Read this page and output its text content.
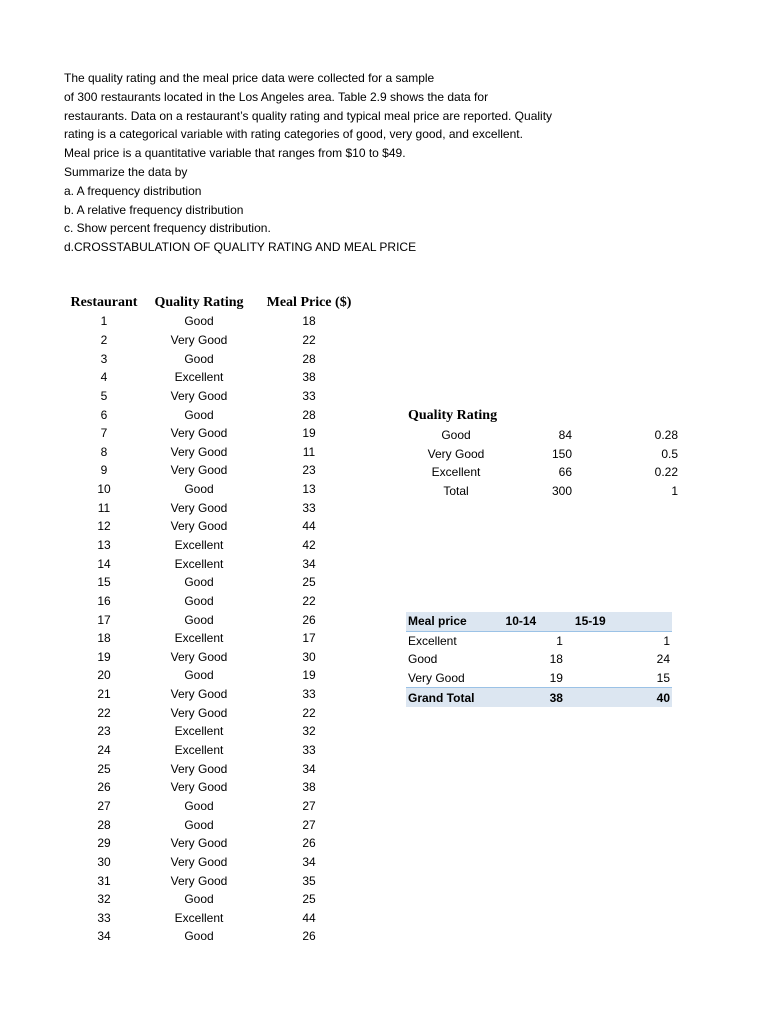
The quality rating and the meal price data were collected for a sample

of 300 restaurants located in the Los Angeles area. Table 2.9 shows the data for

restaurants. Data on a restaurant’s quality rating and typical meal price are reported. Quality

rating is a categorical variable with rating categories of good, very good, and excellent.

Meal price is a quantitative variable that ranges from $10 to $49.

Summarize the data by

a. A frequency distribution

b. A relative frequency distribution

c. Show percent frequency distribution.

d.CROSSTABULATION OF QUALITY RATING AND MEAL PRICE

Restaurant	Quality Rating	Meal Price ($)
1	Good	18
2	Very Good	22
3	Good	28
4	Excellent	38
5	Very Good	33
6	Good	28
7	Very Good	19
8	Very Good	11
9	Very Good	23
10	Good	13
11	Very Good	33
12	Very Good	44
13	Excellent	42
14	Excellent	34
15	Good	25
16	Good	22
17	Good	26
18	Excellent	17
19	Very Good	30
20	Good	19
21	Very Good	33
22	Very Good	22
23	Excellent	32
24	Excellent	33
25	Very Good	34
26	Very Good	38
27	Good	27
28	Good	27
29	Very Good	26
30	Very Good	34
31	Very Good	35
32	Good	25
33	Excellent	44
34	Good	26
Quality Rating
Good	84	0.28
Very Good	150	0.5
Excellent	66	0.22
Total	300	1
Meal price	10-14	15-19
Excellent	1	1
Good	18	24
Very Good	19	15
Grand Total	38	40
